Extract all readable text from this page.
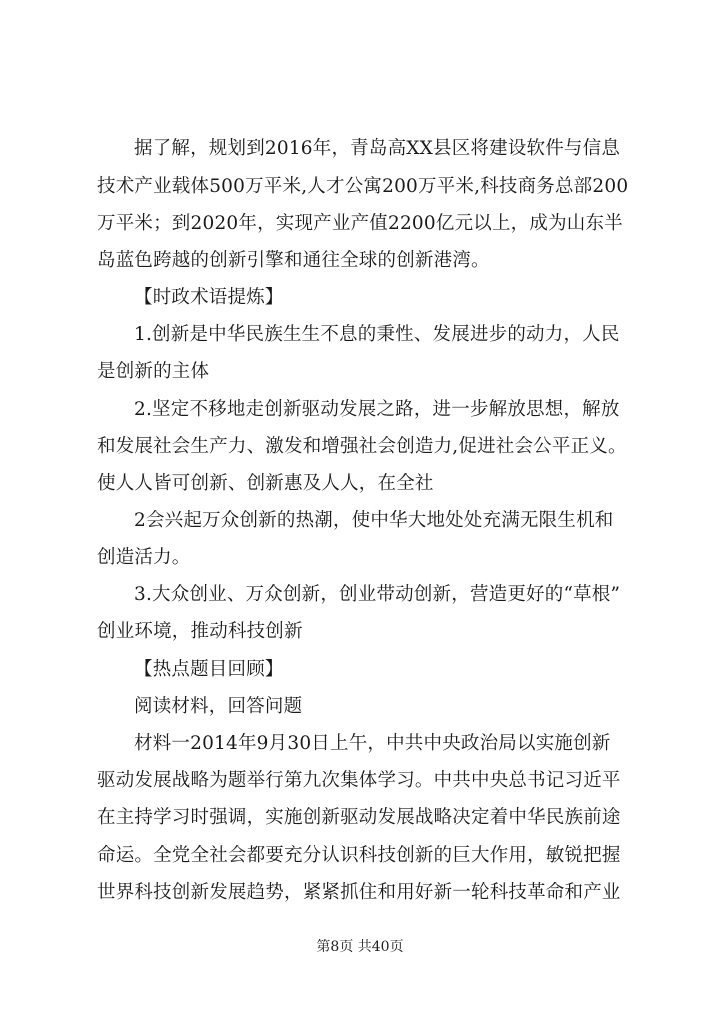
据了解，规划到2016年，青岛高XX县区将建设软件与信息
技术产业载体500万平米,人才公寓200万平米,科技商务总部200
万平米；到2020年，实现产业产值2200亿元以上，成为山东半
岛蓝色跨越的创新引擎和通往全球的创新港湾。
【时政术语提炼】
1.创新是中华民族生生不息的秉性、发展进步的动力，人民
是创新的主体
2.坚定不移地走创新驱动发展之路，进一步解放思想，解放
和发展社会生产力、激发和增强社会创造力,促进社会公平正义。
使人人皆可创新、创新惠及人人，在全社
2会兴起万众创新的热潮，使中华大地处处充满无限生机和
创造活力。
3.大众创业、万众创新，创业带动创新，营造更好的“草根”
创业环境，推动科技创新
【热点题目回顾】
阅读材料，回答问题
材料一2014年9月30日上午，中共中央政治局以实施创新
驱动发展战略为题举行第九次集体学习。中共中央总书记习近平
在主持学习时强调，实施创新驱动发展战略决定着中华民族前途
命运。全党全社会都要充分认识科技创新的巨大作用，敏锐把握
世界科技创新发展趋势，紧紧抓住和用好新一轮科技革命和产业
第8页 共40页
